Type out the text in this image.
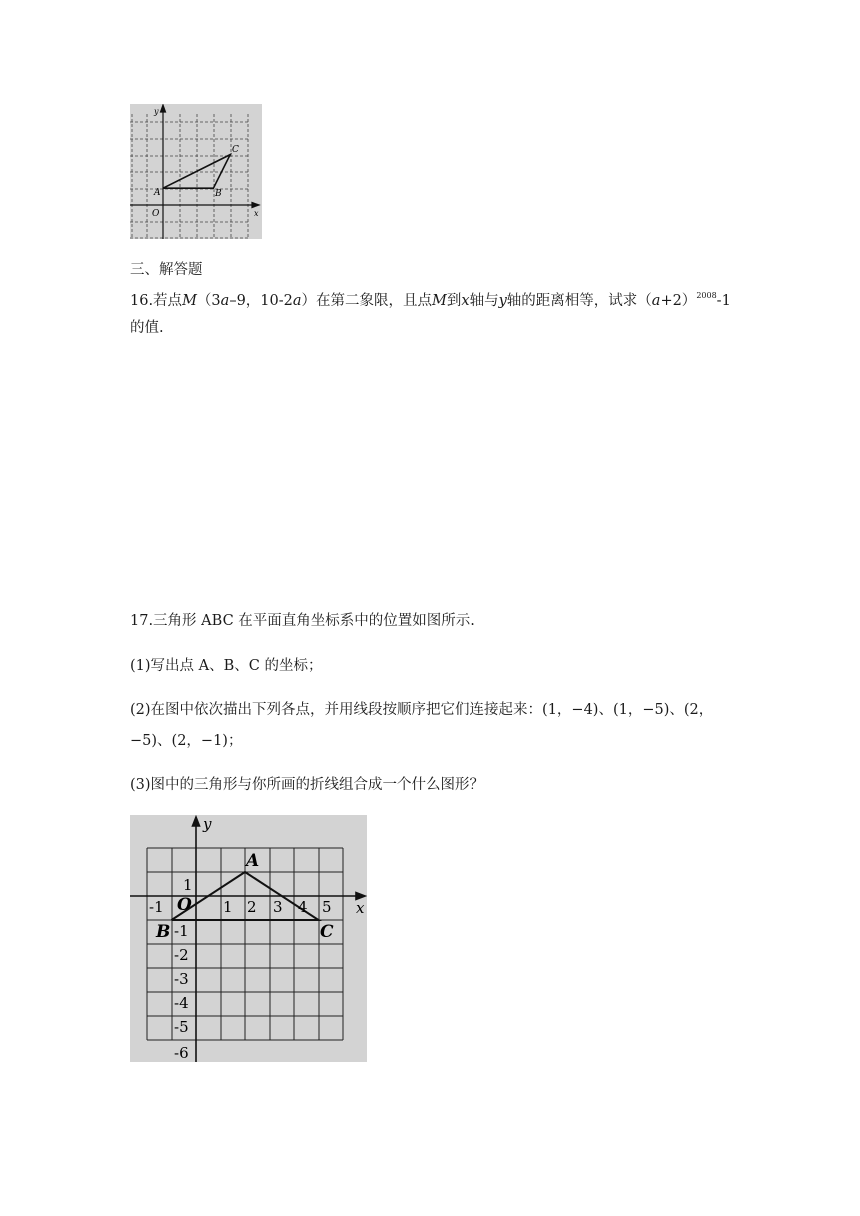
x
y
O
A	B
C
三、解答题
16.若点M（3a–9，10-2a）在第二象限，且点M到x轴与y轴的距离相等，试求$(a+2)^{2008}-1$
的值.
17.三角形 ABC 在平面直角坐标系中的位置如图所示.
(1)写出点 A、B、C 的坐标；
(2)在图中依次描出下列各点，并用线段按顺序把它们连接起来：(1，−4)、(1，−5)、(2，
−5)、(2，−1)；
(3)图中的三角形与你所画的折线组合成一个什么图形？
x
y
O
-1	1 2 3 4 5
1
-1
-2
-3
-4
-5
-6
A
B	C
